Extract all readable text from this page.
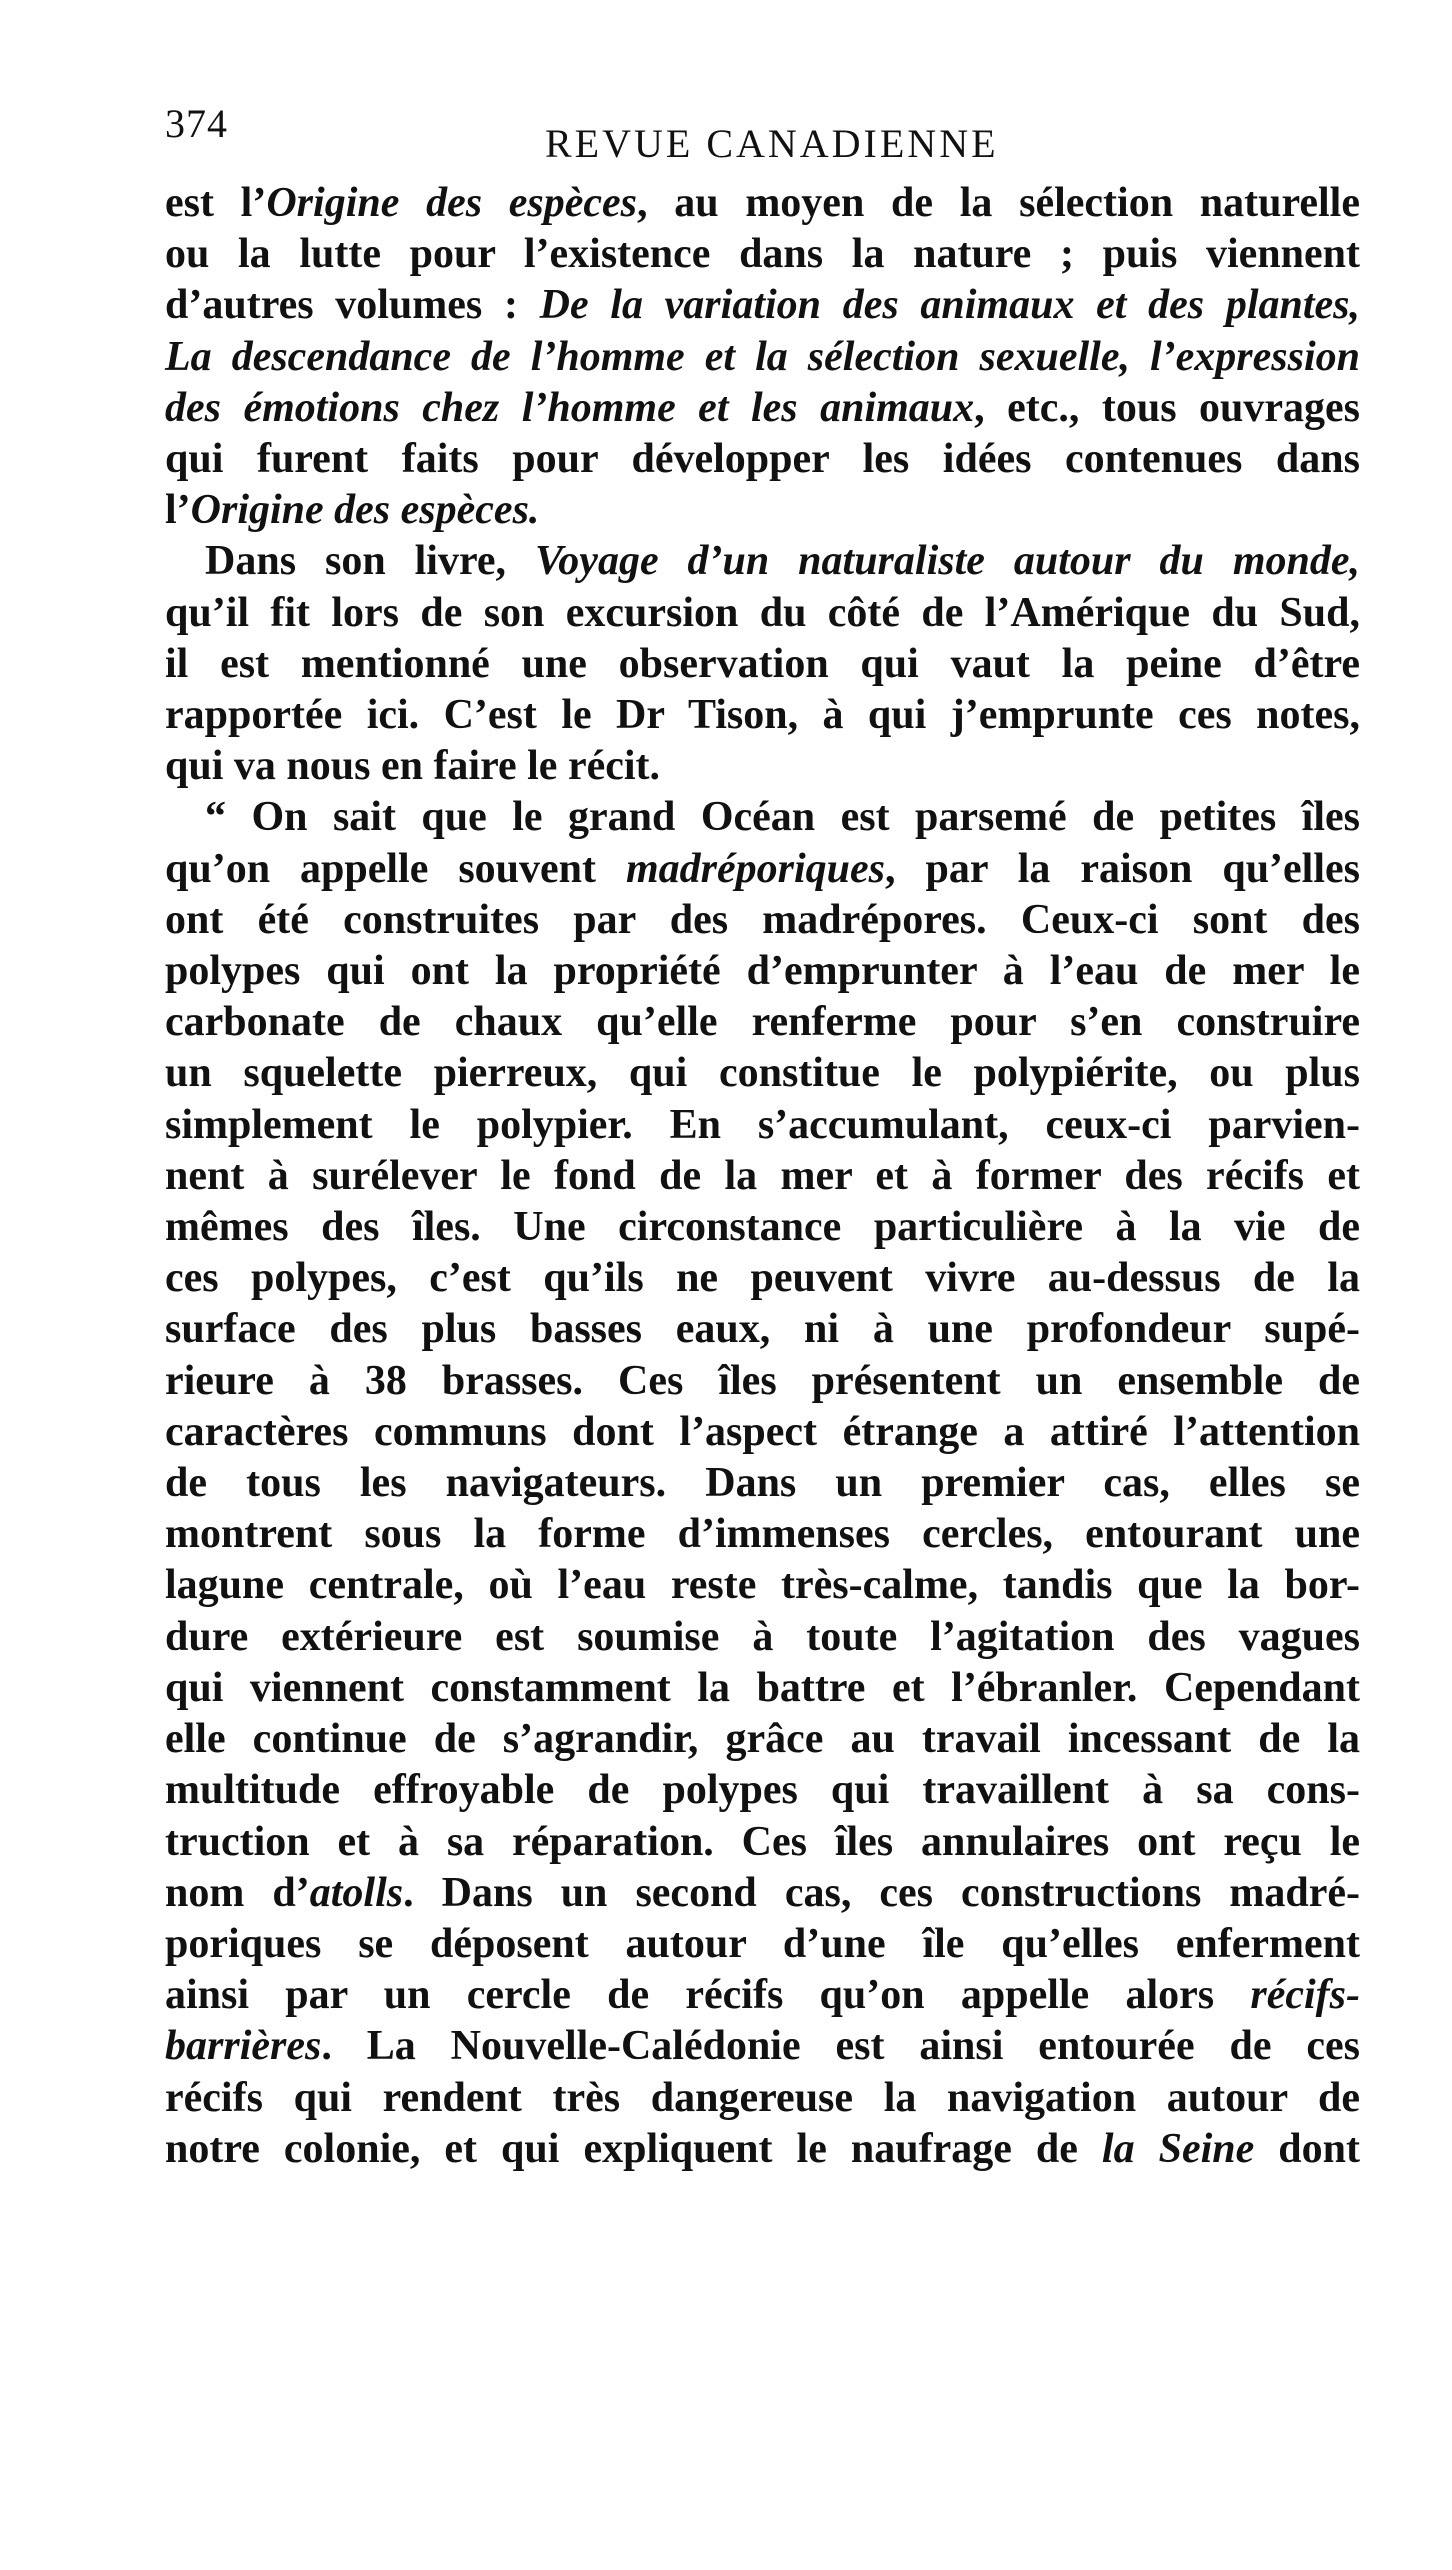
374	REVUE CANADIENNE
est l’Origine des espèces, au moyen de la sélection naturelle
ou la lutte pour l’existence dans la nature ; puis viennent
d’autres volumes : De la variation des animaux et des plantes,
La descendance de l’homme et la sélection sexuelle, l’expression
des émotions chez l’homme et les animaux, etc., tous ouvrages
qui furent faits pour développer les idées contenues dans
l’Origine des espèces.
Dans son livre, Voyage d’un naturaliste autour du monde,
qu’il fit lors de son excursion du côté de l’Amérique du Sud,
il est mentionné une observation qui vaut la peine d’être
rapportée ici. C’est le Dr Tison, à qui j’emprunte ces notes,
qui va nous en faire le récit.
“ On sait que le grand Océan est parsemé de petites îles
qu’on appelle souvent madréporiques, par la raison qu’elles
ont été construites par des madrépores. Ceux-ci sont des
polypes qui ont la propriété d’emprunter à l’eau de mer le
carbonate de chaux qu’elle renferme pour s’en construire
un squelette pierreux, qui constitue le polypiérite, ou plus
simplement le polypier. En s’accumulant, ceux-ci parvien-
nent à surélever le fond de la mer et à former des récifs et
mêmes des îles. Une circonstance particulière à la vie de
ces polypes, c’est qu’ils ne peuvent vivre au-dessus de la
surface des plus basses eaux, ni à une profondeur supé-
rieure à 38 brasses. Ces îles présentent un ensemble de
caractères communs dont l’aspect étrange a attiré l’attention
de tous les navigateurs. Dans un premier cas, elles se
montrent sous la forme d’immenses cercles, entourant une
lagune centrale, où l’eau reste très-calme, tandis que la bor-
dure extérieure est soumise à toute l’agitation des vagues
qui viennent constamment la battre et l’ébranler. Cependant
elle continue de s’agrandir, grâce au travail incessant de la
multitude effroyable de polypes qui travaillent à sa cons-
truction et à sa réparation. Ces îles annulaires ont reçu le
nom d’atolls. Dans un second cas, ces constructions madré-
poriques se déposent autour d’une île qu’elles enferment
ainsi par un cercle de récifs qu’on appelle alors récifs-
barrières. La Nouvelle-Calédonie est ainsi entourée de ces
récifs qui rendent très dangereuse la navigation autour de
notre colonie, et qui expliquent le naufrage de la Seine dont
